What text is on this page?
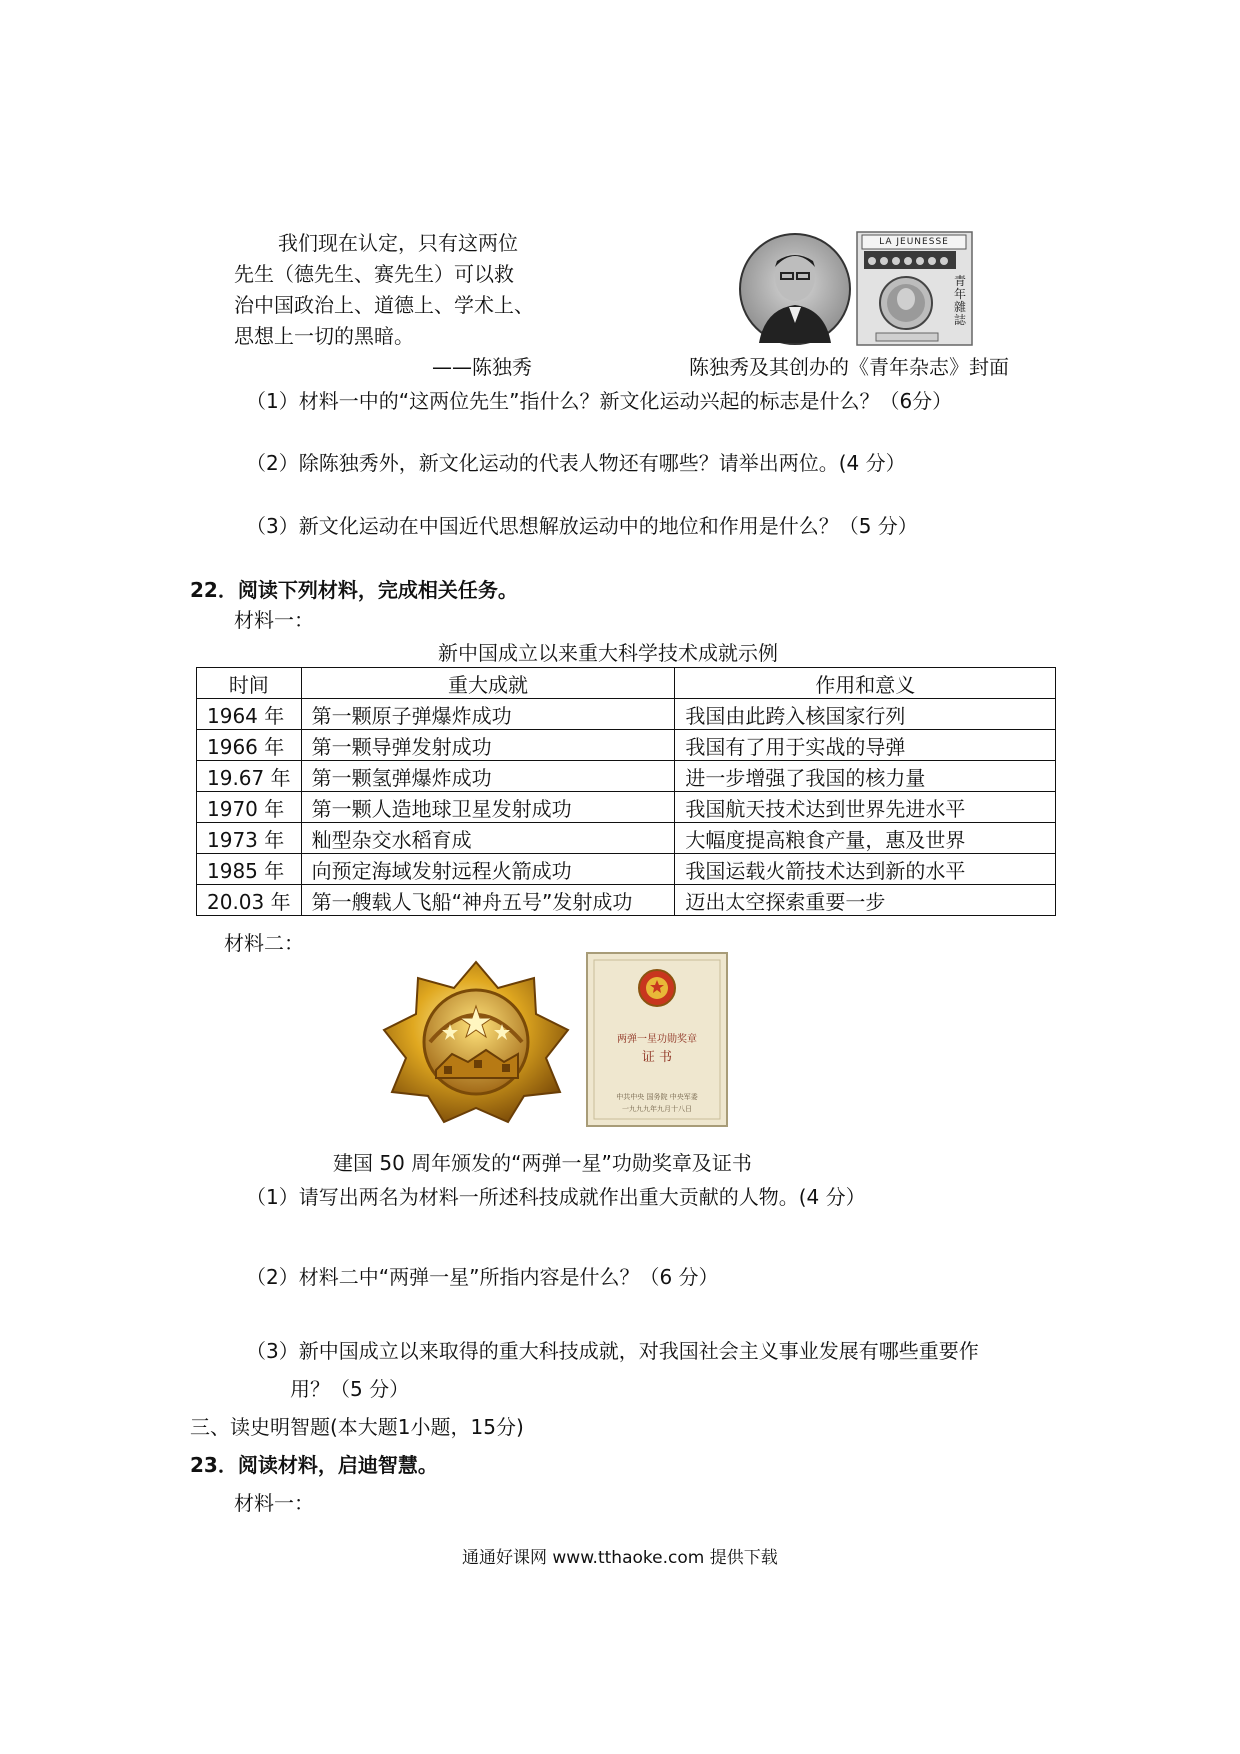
我们现在认定，只有这两位

先生（德先生、赛先生）可以救

治中国政治上、道德上、学术上、

思想上一切的黑暗。

——陈独秀
LA JEUNESSE
青年雜誌
陈独秀及其创办的《青年杂志》封面
（1）材料一中的“这两位先生”指什么？新文化运动兴起的标志是什么？（6分）
（2）除陈独秀外，新文化运动的代表人物还有哪些？请举出两位。(4 分）
（3）新文化运动在中国近代思想解放运动中的地位和作用是什么？（5 分）
22．阅读下列材料，完成相关任务。
材料一：
新中国成立以来重大科学技术成就示例
时间	重大成就	作用和意义
1964 年	第一颗原子弹爆炸成功	我国由此跨入核国家行列
1966 年	第一颗导弹发射成功	我国有了用于实战的导弹
19.67 年	第一颗氢弹爆炸成功	进一步增强了我国的核力量
1970 年	第一颗人造地球卫星发射成功	我国航天技术达到世界先进水平
1973 年	籼型杂交水稻育成	大幅度提高粮食产量，惠及世界
1985 年	向预定海域发射远程火箭成功	我国运载火箭技术达到新的水平
20.03 年	第一艘载人飞船“神舟五号”发射成功	迈出太空探索重要一步
材料二：
两弹一星功勋奖章
证 书
中共中央 国务院 中央军委
一九九九年九月十八日
建国 50 周年颁发的“两弹一星”功勋奖章及证书
（1）请写出两名为材料一所述科技成就作出重大贡献的人物。(4 分）
（2）材料二中“两弹一星”所指内容是什么？（6 分）
（3）新中国成立以来取得的重大科技成就，对我国社会主义事业发展有哪些重要作
用？（5 分）
三、读史明智题(本大题1小题，15分)
23．阅读材料，启迪智慧。
材料一：
通通好课网 www.tthaoke.com 提供下载
